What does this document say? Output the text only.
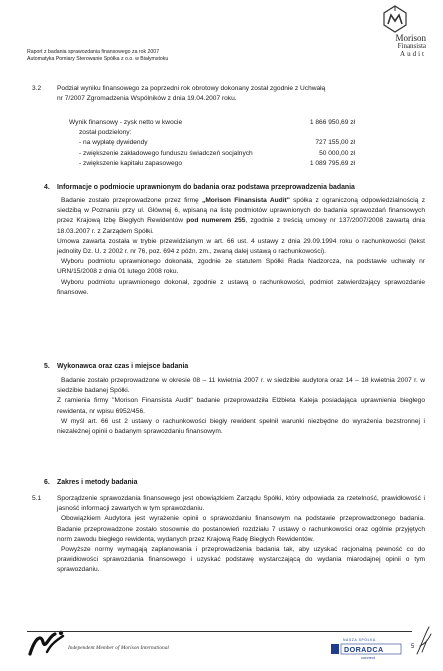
Raport z badania sprawozdania finansowego za rok 2007
Automatyka Pomiary Sterowanie Spółka z o.o. w Białymstoku
Morison
Finansista
Audit
3.2	Podział wyniku finansowego za poprzedni rok obrotowy dokonany został zgodnie z Uchwałą
nr 7/2007 Zgromadzenia Wspólników z dnia 19.04.2007 roku.
Wynik finansowy - zysk netto w kwocie	1 866 950,69 zł
został podzielony:
- na wypłatę dywidendy	727 155,00 zł
- zwiększenie zakładowego funduszu świadczeń socjalnych	50 000,00 zł
- zwiększenie kapitału zapasowego	1 089 795,69 zł
4. Informacje o podmiocie uprawnionym do badania oraz podstawa przeprowadzenia badania
Badanie zostało przeprowadzone przez firmę „Morison Finansista Audit" spółka z ograniczoną odpowiedzialnością z siedzibą w Poznaniu przy ul. Głównej 6, wpisaną na listę podmiotów uprawnionych do badania sprawozdań finansowych przez Krajową Izbę Biegłych Rewidentów pod numerem 255, zgodnie z treścią umowy nr 137/2007/2008 zawartą dnia 18.03.2007 r. z Zarządem Spółki.
Umowa zawarta została w trybie przewidzianym w art. 66 ust. 4 ustawy z dnia 29.09.1994 roku o rachunkowości (tekst jednolity Dz. U. z 2002 r. nr 76, poz. 694 z późn. zm., zwaną dalej ustawą o rachunkowości).
Wyboru podmiotu uprawnionego dokonała, zgodnie ze statutem Spółki Rada Nadzorcza, na podstawie uchwały nr URN/15/2008 z dnia 01 lutego 2008 roku.
Wyboru podmiotu uprawnionego dokonał, zgodnie z ustawą o rachunkowości, podmiot zatwierdzający sprawozdanie finansowe.
5. Wykonawca oraz czas i miejsce badania
Badanie zostało przeprowadzone w okresie 08 – 11 kwietnia 2007 r. w siedzibie audytora oraz 14 – 18 kwietnia 2007 r. w siedzibie badanej Spółki.
Z ramienia firmy "Morison Finansista Audit" badanie przeprowadziła Elżbieta Kaleja posiadająca uprawnienia biegłego rewidenta, nr wpisu 6952/456.
W myśl art. 66 ust 2 ustawy o rachunkowości biegły rewident spełnił warunki niezbędne do wyrażenia bezstronnej i niezależnej opinii o badanym sprawozdaniu finansowym.
6. Zakres i metody badania
5.1	Sporządzenie sprawozdania finansowego jest obowiązkiem Zarządu Spółki, który odpowiada za rzetelność, prawidłowość i jasność informacji zawartych w tym sprawozdaniu.
Obowiązkiem Audytora jest wyrażenie opinii o sprawozdaniu finansowym na podstawie przeprowadzonego badania. Badanie przeprowadzone zostało stosownie do postanowień rozdziału 7 ustawy o rachunkowości oraz ogólnie przyjętych norm zawodu biegłego rewidenta, wydanych przez Krajową Radę Biegłych Rewidentów.
Powyższe normy wymagają zaplanowania i przeprowadzenia badania tak, aby uzyskać racjonalną pewność co do prawidłowości sprawozdania finansowego i uzyskać podstawę wystarczającą do wydania miarodajnej opinii o tym sprawozdaniu.
Independent Member of Morison International
NASZA SPOŁKA
DORADCA
connect
5
